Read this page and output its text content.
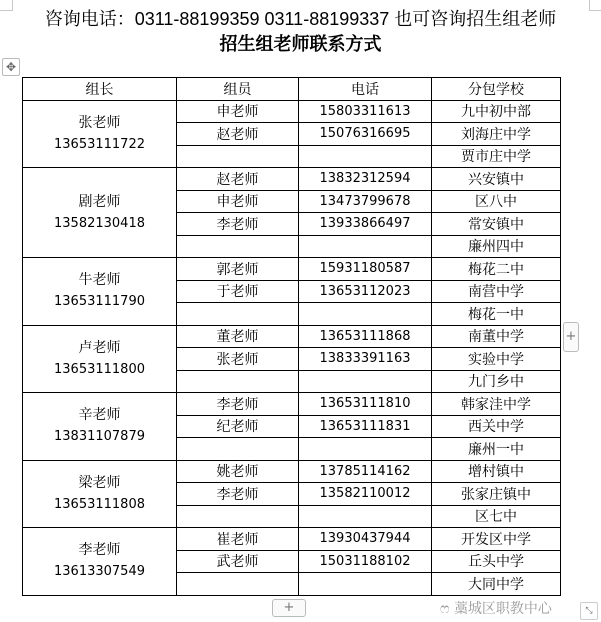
咨询电话：0311-88199359 0311-88199337 也可咨询招生组老师
招生组老师联系方式
✥
组长	组员	电话	分包学校

张老师
13653111722	申老师	15803311613	九中初中部
	赵老师	15076316695	刘海庄中学
			贾市庄中学

剧老师
13582130418	赵老师	13832312594	兴安镇中
	申老师	13473799678	区八中
	李老师	13933866497	常安镇中
			廉州四中

牛老师
13653111790	郭老师	15931180587	梅花二中
	于老师	13653112023	南营中学
			梅花一中

卢老师
13653111800	董老师	13653111868	南董中学
	张老师	13833391163	实验中学
			九门乡中

辛老师
13831107879	李老师	13653111810	韩家洼中学
	纪老师	13653111831	西关中学
			廉州一中

梁老师
13653111808	姚老师	13785114162	增村镇中
	李老师	13582110012	张家庄镇中
			区七中

李老师
13613307549	崔老师	13930437944	开发区中学
	武老师	15031188102	丘头中学
			大同中学
+
+	ෆ 藁城区职教中心	⤡
